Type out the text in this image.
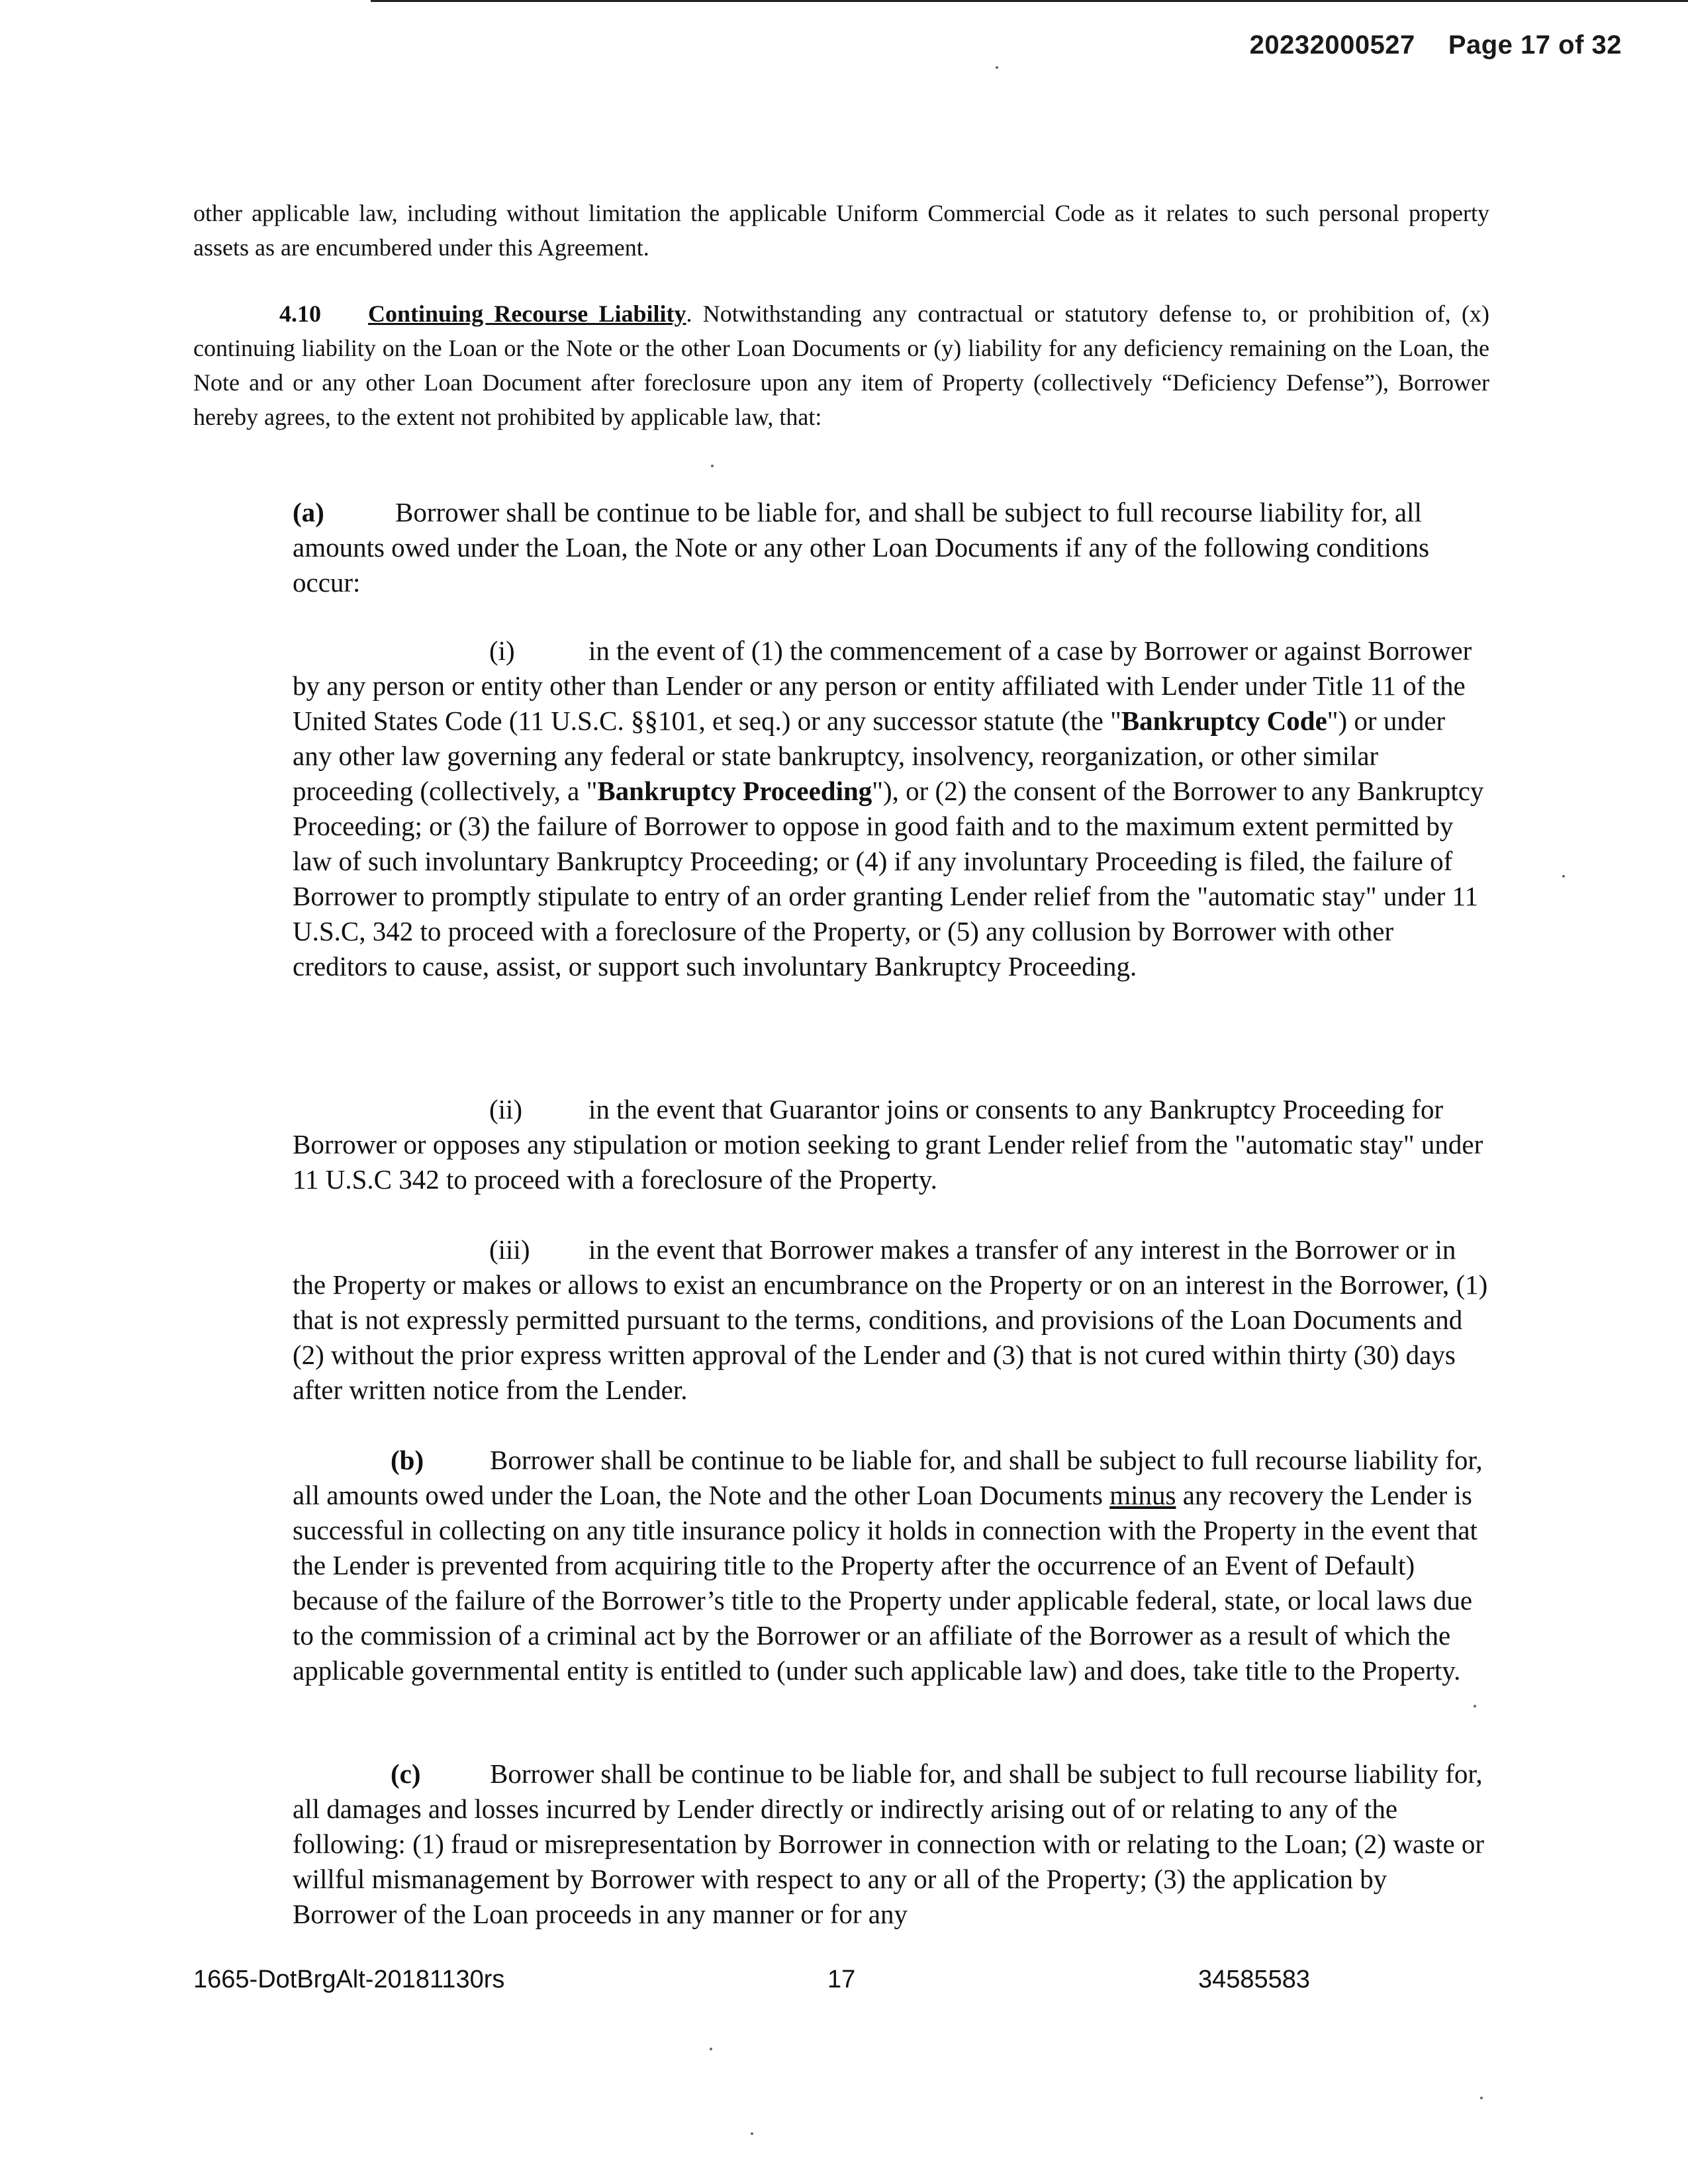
20232000527 Page 17 of 32

other applicable law, including without limitation the applicable Uniform Commercial Code as it relates to such personal property assets as are encumbered under this Agreement.

4.10 Continuing Recourse Liability. Notwithstanding any contractual or statutory defense to, or prohibition of, (x) continuing liability on the Loan or the Note or the other Loan Documents or (y) liability for any deficiency remaining on the Loan, the Note and or any other Loan Document after foreclosure upon any item of Property (collectively “Deficiency Defense”), Borrower hereby agrees, to the extent not prohibited by applicable law, that:

(a)	Borrower shall be continue to be liable for, and shall be subject to full recourse liability for, all amounts owed under the Loan, the Note or any other Loan Documents if any of the following conditions occur:

(i)	in the event of (1) the commencement of a case by Borrower or against Borrower by any person or entity other than Lender or any person or entity affiliated with Lender under Title 11 of the United States Code (11 U.S.C. §§101, et seq.) or any successor statute (the "Bankruptcy Code") or under any other law governing any federal or state bankruptcy, insolvency, reorganization, or other similar proceeding (collectively, a "Bankruptcy Proceeding"), or (2) the consent of the Borrower to any Bankruptcy Proceeding; or (3) the failure of Borrower to oppose in good faith and to the maximum extent permitted by law of such involuntary Bankruptcy Proceeding; or (4) if any involuntary Proceeding is filed, the failure of Borrower to promptly stipulate to entry of an order granting Lender relief from the "automatic stay" under 11 U.S.C, 342 to proceed with a foreclosure of the Property, or (5) any collusion by Borrower with other creditors to cause, assist, or support such involuntary Bankruptcy Proceeding.

(ii) in the event that Guarantor joins or consents to any Bankruptcy Proceeding for Borrower or opposes any stipulation or motion seeking to grant Lender relief from the "automatic stay" under 11 U.S.C 342 to proceed with a foreclosure of the Property.

(iii) in the event that Borrower makes a transfer of any interest in the Borrower or in the Property or makes or allows to exist an encumbrance on the Property or on an interest in the Borrower, (1) that is not expressly permitted pursuant to the terms, conditions, and provisions of the Loan Documents and (2) without the prior express written approval of the Lender and (3) that is not cured within thirty (30) days after written notice from the Lender.

(b) Borrower shall be continue to be liable for, and shall be subject to full recourse liability for, all amounts owed under the Loan, the Note and the other Loan Documents minus any recovery the Lender is successful in collecting on any title insurance policy it holds in connection with the Property in the event that the Lender is prevented from acquiring title to the Property after the occurrence of an Event of Default) because of the failure of the Borrower’s title to the Property under applicable federal, state, or local laws due to the commission of a criminal act by the Borrower or an affiliate of the Borrower as a result of which the applicable governmental entity is entitled to (under such applicable law) and does, take title to the Property.

(c)	Borrower shall be continue to be liable for, and shall be subject to full recourse liability for, all damages and losses incurred by Lender directly or indirectly arising out of or relating to any of the following: (1) fraud or misrepresentation by Borrower in connection with or relating to the Loan; (2) waste or willful mismanagement by Borrower with respect to any or all of the Property; (3) the application by Borrower of the Loan proceeds in any manner or for any

1665-DotBrgAlt-20181130rs	17	34585583
